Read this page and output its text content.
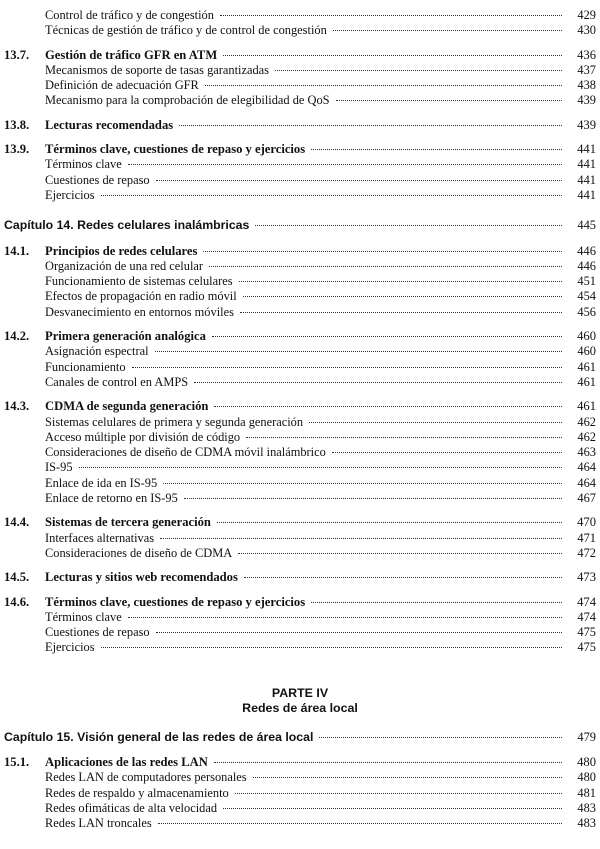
Control de tráfico y de congestión	429
Técnicas de gestión de tráfico y de control de congestión	430
13.7.	Gestión de tráfico GFR en ATM	436
Mecanismos de soporte de tasas garantizadas	437
Definición de adecuación GFR	438
Mecanismo para la comprobación de elegibilidad de QoS	439
13.8.	Lecturas recomendadas	439
13.9.	Términos clave, cuestiones de repaso y ejercicios	441
Términos clave	441
Cuestiones de repaso	441
Ejercicios	441
Capítulo 14. Redes celulares inalámbricas	445
14.1.	Principios de redes celulares	446
Organización de una red celular	446
Funcionamiento de sistemas celulares	451
Efectos de propagación en radio móvil	454
Desvanecimiento en entornos móviles	456
14.2.	Primera generación analógica	460
Asignación espectral	460
Funcionamiento	461
Canales de control en AMPS	461
14.3.	CDMA de segunda generación	461
Sistemas celulares de primera y segunda generación	462
Acceso múltiple por división de código	462
Consideraciones de diseño de CDMA móvil inalámbrico	463
IS-95	464
Enlace de ida en IS-95	464
Enlace de retorno en IS-95	467
14.4.	Sistemas de tercera generación	470
Interfaces alternativas	471
Consideraciones de diseño de CDMA	472
14.5.	Lecturas y sitios web recomendados	473
14.6.	Términos clave, cuestiones de repaso y ejercicios	474
Términos clave	474
Cuestiones de repaso	475
Ejercicios	475
PARTE IV
Redes de área local
Capítulo 15. Visión general de las redes de área local	479
15.1.	Aplicaciones de las redes LAN	480
Redes LAN de computadores personales	480
Redes de respaldo y almacenamiento	481
Redes ofimáticas de alta velocidad	483
Redes LAN troncales	483
